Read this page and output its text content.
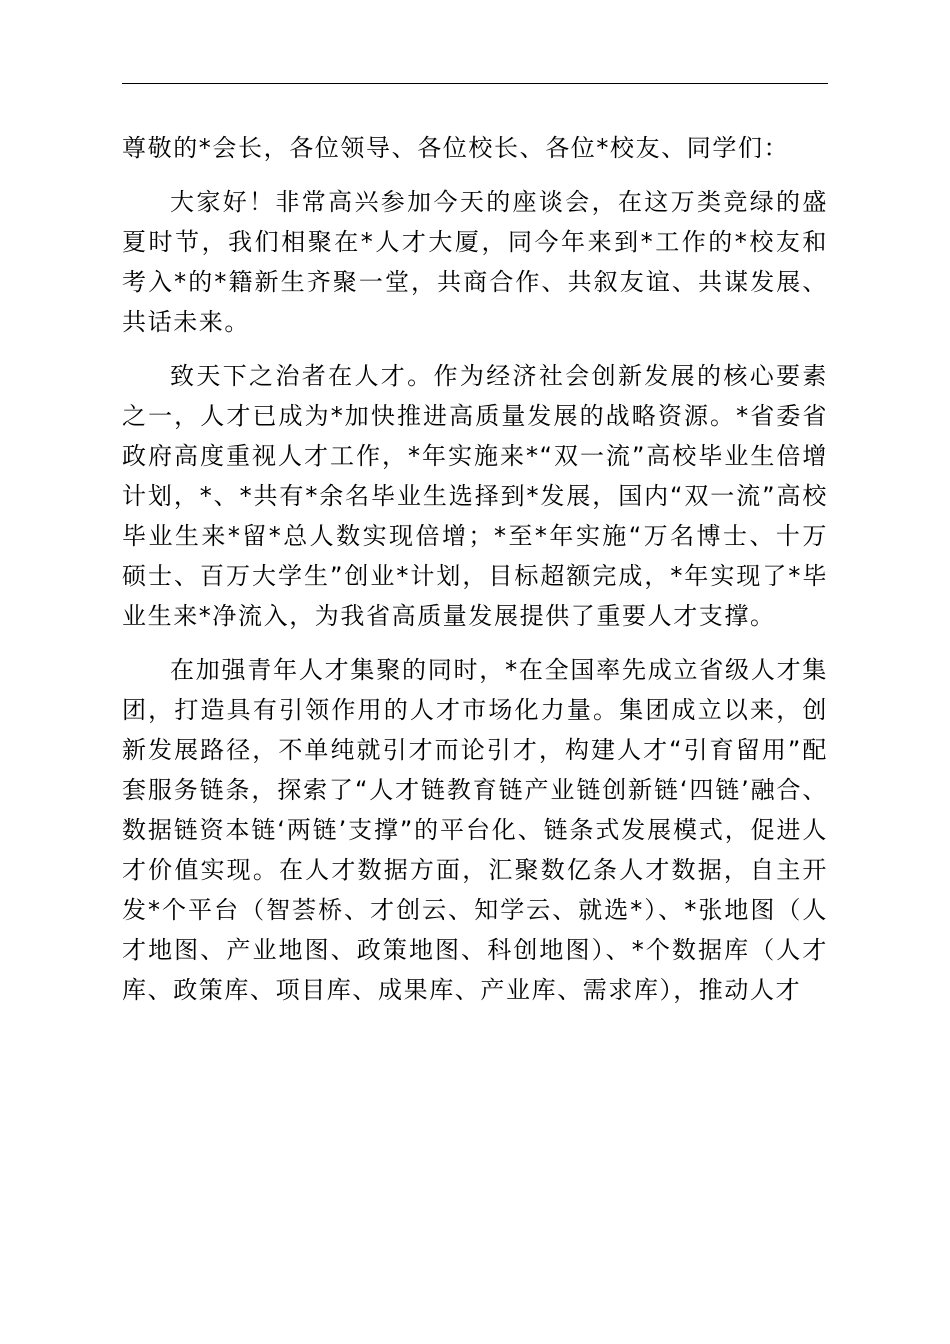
尊敬的*会长，各位领导、各位校长、各位*校友、同学们：

大家好！非常高兴参加今天的座谈会，在这万类竞绿的盛夏时节，我们相聚在*人才大厦，同今年来到*工作的*校友和考入*的*籍新生齐聚一堂，共商合作、共叙友谊、共谋发展、共话未来。

致天下之治者在人才。作为经济社会创新发展的核心要素之一，人才已成为*加快推进高质量发展的战略资源。*省委省政府高度重视人才工作，*年实施来*“双一流”高校毕业生倍增计划，*、*共有*余名毕业生选择到*发展，国内“双一流”高校毕业生来*留*总人数实现倍增；*至*年实施“万名博士、十万硕士、百万大学生”创业*计划，目标超额完成，*年实现了*毕业生来*净流入，为我省高质量发展提供了重要人才支撑。

在加强青年人才集聚的同时，*在全国率先成立省级人才集团，打造具有引领作用的人才市场化力量。集团成立以来，创新发展路径，不单纯就引才而论引才，构建人才“引育留用”配套服务链条，探索了“人才链教育链产业链创新链‘四链’融合、数据链资本链‘两链’支撑”的平台化、链条式发展模式，促进人才价值实现。在人才数据方面，汇聚数亿条人才数据，自主开发*个平台（智荟桥、才创云、知学云、就选*）、*张地图（人才地图、产业地图、政策地图、科创地图）、*个数据库（人才库、政策库、项目库、成果库、产业库、需求库），推动人才
